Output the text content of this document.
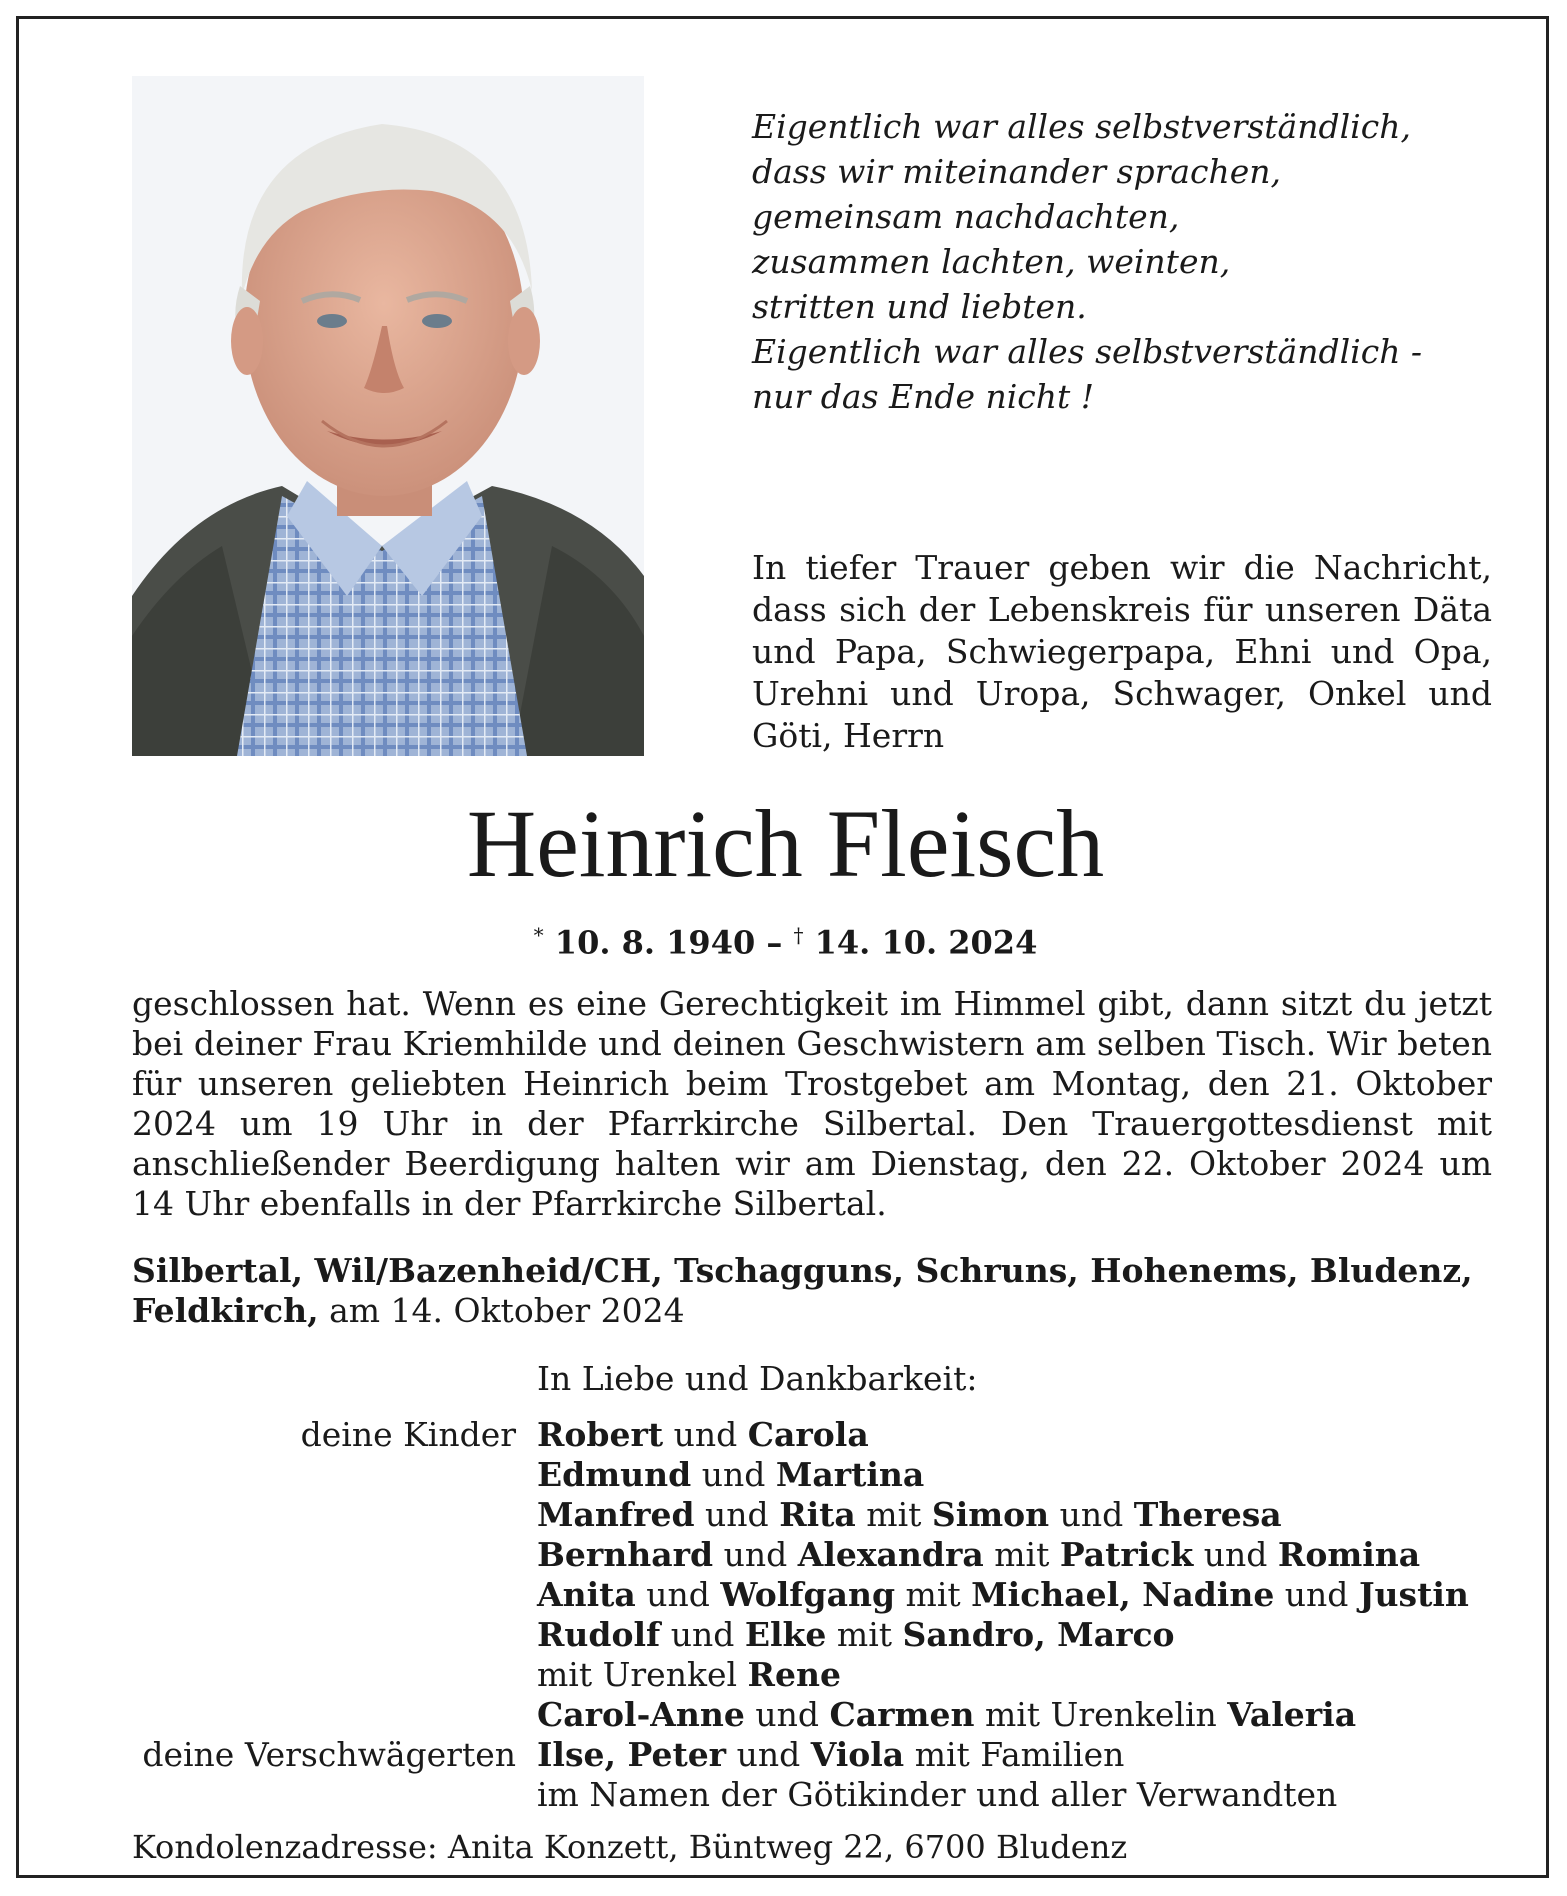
Eigentlich war alles selbstverständlich,
dass wir miteinander sprachen,
gemeinsam nachdachten,
zusammen lachten, weinten,
stritten und liebten.
Eigentlich war alles selbstverständlich -
nur das Ende nicht !

In tiefer Trauer geben wir die Nachricht, dass sich der Lebenskreis für unseren Däta und Papa, Schwiegerpapa, Ehni und Opa, Urehni und Uropa, Schwager, Onkel und Göti, Herrn

Heinrich Fleisch
* 10. 8. 1940 – † 14. 10. 2024

geschlossen hat. Wenn es eine Gerechtigkeit im Himmel gibt, dann sitzt du jetzt bei deiner Frau Kriemhilde und deinen Geschwistern am selben Tisch. Wir beten für unseren geliebten Heinrich beim Trostgebet am Montag, den 21. Oktober 2024 um 19 Uhr in der Pfarrkirche Silbertal. Den Trauergottesdienst mit anschließender Beerdigung halten wir am Dienstag, den 22. Oktober 2024 um 14 Uhr ebenfalls in der Pfarrkirche Silbertal.

Silbertal, Wil/Bazenheid/CH, Tschagguns, Schruns, Hohenems, Bludenz, Feldkirch, am 14. Oktober 2024

In Liebe und Dankbarkeit:
deine Kinder Robert und Carola
Edmund und Martina
Manfred und Rita mit Simon und Theresa
Bernhard und Alexandra mit Patrick und Romina
Anita und Wolfgang mit Michael, Nadine und Justin
Rudolf und Elke mit Sandro, Marco
mit Urenkel Rene
Carol-Anne und Carmen mit Urenkelin Valeria
deine Verschwägerten Ilse, Peter und Viola mit Familien
im Namen der Götikinder und aller Verwandten
Kondolenzadresse: Anita Konzett, Büntweg 22, 6700 Bludenz
